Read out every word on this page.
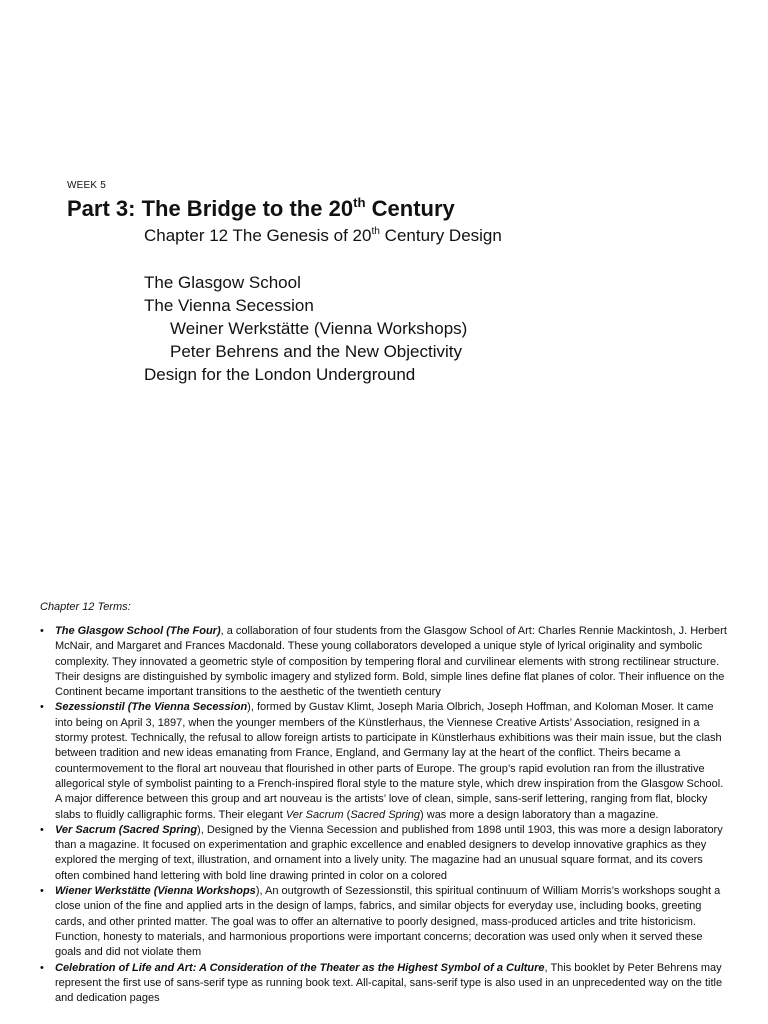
WEEK 5
Part 3: The Bridge to the 20th Century
Chapter 12 The Genesis of 20th Century Design
The Glasgow School
The Vienna Secession
Weiner Werkstätte (Vienna Workshops)
Peter Behrens and the New Objectivity
Design for the London Underground
Chapter 12 Terms:
• The Glasgow School (The Four), a collaboration of four students from the Glasgow School of Art: Charles Rennie Mackintosh, J. Herbert McNair, and Margaret and Frances Macdonald. These young collaborators developed a unique style of lyrical originality and symbolic complexity. They innovated a geometric style of composition by tempering floral and curvilinear elements with strong rectilinear structure. Their designs are distinguished by symbolic imagery and stylized form. Bold, simple lines define flat planes of color. Their influence on the Continent became important transitions to the aesthetic of the twentieth century
• Sezessionstil (The Vienna Secession), formed by Gustav Klimt, Joseph Maria Olbrich, Joseph Hoffman, and Koloman Moser. It came into being on April 3, 1897, when the younger members of the Künstlerhaus, the Viennese Creative Artists’ Association, resigned in a stormy protest. Technically, the refusal to allow foreign artists to participate in Künstlerhaus exhibitions was their main issue, but the clash between tradition and new ideas emanating from France, England, and Germany lay at the heart of the conflict. Theirs became a countermovement to the floral art nouveau that flourished in other parts of Europe. The group’s rapid evolution ran from the illustrative allegorical style of symbolist painting to a French-inspired floral style to the mature style, which drew inspiration from the Glasgow School. A major difference between this group and art nouveau is the artists’ love of clean, simple, sans-serif lettering, ranging from flat, blocky slabs to fluidly calligraphic forms. Their elegant Ver Sacrum (Sacred Spring) was more a design laboratory than a magazine.
• Ver Sacrum (Sacred Spring), Designed by the Vienna Secession and published from 1898 until 1903, this was more a design laboratory than a magazine. It focused on experimentation and graphic excellence and enabled designers to develop innovative graphics as they explored the merging of text, illustration, and ornament into a lively unity. The magazine had an unusual square format, and its covers often combined hand lettering with bold line drawing printed in color on a colored
• Wiener Werkstätte (Vienna Workshops), An outgrowth of Sezessionstil, this spiritual continuum of William Morris’s workshops sought a close union of the fine and applied arts in the design of lamps, fabrics, and similar objects for everyday use, including books, greeting cards, and other printed matter. The goal was to offer an alternative to poorly designed, mass-produced articles and trite historicism. Function, honesty to materials, and harmonious proportions were important concerns; decoration was used only when it served these goals and did not violate them
• Celebration of Life and Art: A Consideration of the Theater as the Highest Symbol of a Culture, This booklet by Peter Behrens may represent the first use of sans-serif type as running book text. All-capital, sans-serif type is also used in an unprecedented way on the title and dedication pages
